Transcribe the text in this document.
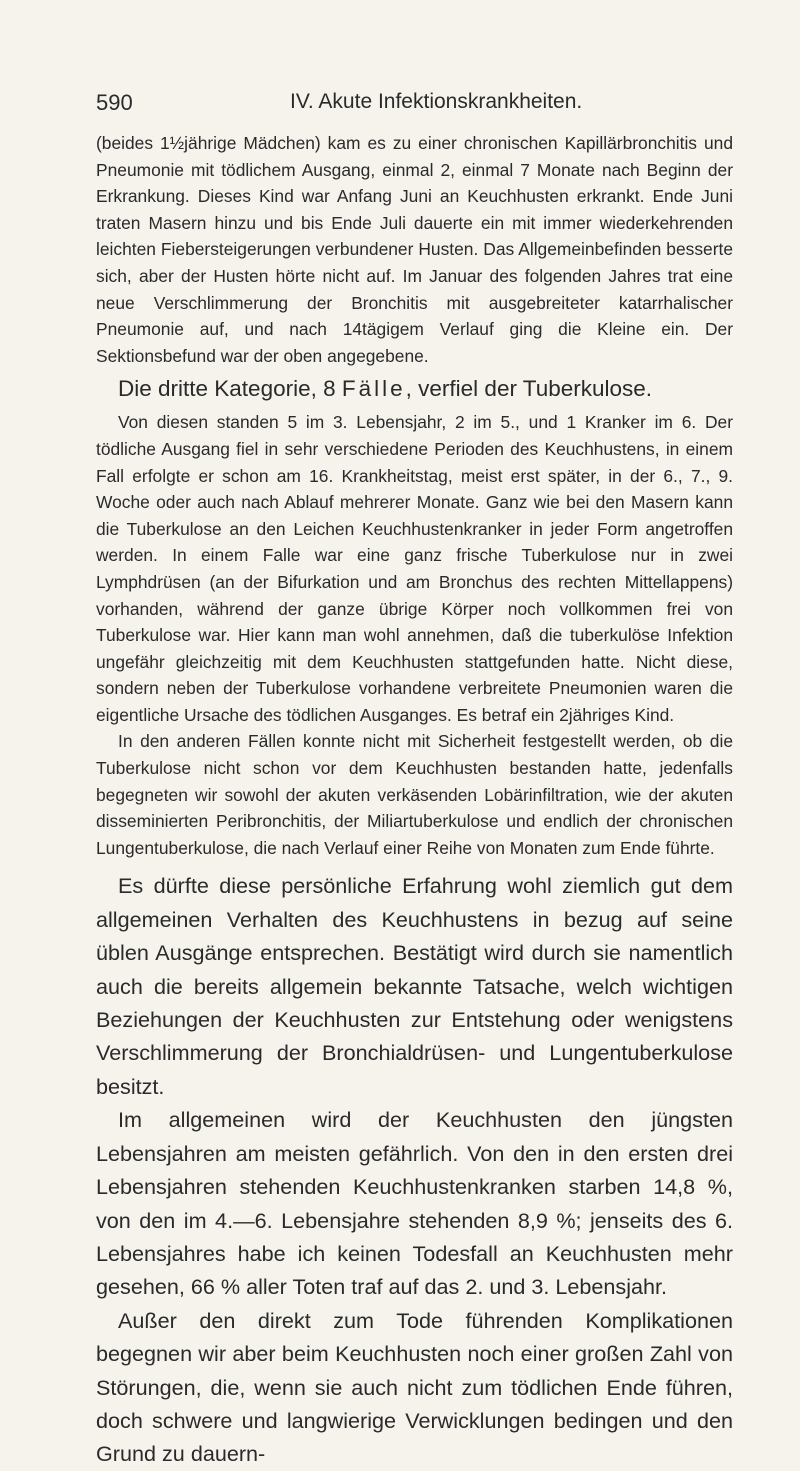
590	IV. Akute Infektionskrankheiten.

(beides 1½jährige Mädchen) kam es zu einer chronischen Kapillärbronchitis und Pneumonie mit tödlichem Ausgang, einmal 2, einmal 7 Monate nach Beginn der Erkrankung. Dieses Kind war Anfang Juni an Keuchhusten erkrankt. Ende Juni traten Masern hinzu und bis Ende Juli dauerte ein mit immer wiederkehrenden leichten Fiebersteigerungen verbundener Husten. Das Allgemeinbefinden besserte sich, aber der Husten hörte nicht auf. Im Januar des folgenden Jahres trat eine neue Verschlimmerung der Bronchitis mit ausgebreiteter katarrhalischer Pneumonie auf, und nach 14tägigem Verlauf ging die Kleine ein. Der Sektionsbefund war der oben angegebene.

Die dritte Kategorie, 8 Fälle, verfiel der Tuberkulose.

Von diesen standen 5 im 3. Lebensjahr, 2 im 5., und 1 Kranker im 6. Der tödliche Ausgang fiel in sehr verschiedene Perioden des Keuchhustens, in einem Fall erfolgte er schon am 16. Krankheitstag, meist erst später, in der 6., 7., 9. Woche oder auch nach Ablauf mehrerer Monate. Ganz wie bei den Masern kann die Tuberkulose an den Leichen Keuchhustenkranker in jeder Form angetroffen werden. In einem Falle war eine ganz frische Tuberkulose nur in zwei Lymphdrüsen (an der Bifurkation und am Bronchus des rechten Mittellappens) vorhanden, während der ganze übrige Körper noch vollkommen frei von Tuberkulose war. Hier kann man wohl annehmen, daß die tuberkulöse Infektion ungefähr gleichzeitig mit dem Keuchhusten stattgefunden hatte. Nicht diese, sondern neben der Tuberkulose vorhandene verbreitete Pneumonien waren die eigentliche Ursache des tödlichen Ausganges. Es betraf ein 2jähriges Kind.

In den anderen Fällen konnte nicht mit Sicherheit festgestellt werden, ob die Tuberkulose nicht schon vor dem Keuchhusten bestanden hatte, jedenfalls begegneten wir sowohl der akuten verkäsenden Lobärinfiltration, wie der akuten disseminierten Peribronchitis, der Miliartuberkulose und endlich der chronischen Lungentuberkulose, die nach Verlauf einer Reihe von Monaten zum Ende führte.

Es dürfte diese persönliche Erfahrung wohl ziemlich gut dem allgemeinen Verhalten des Keuchhustens in bezug auf seine üblen Ausgänge entsprechen. Bestätigt wird durch sie namentlich auch die bereits allgemein bekannte Tatsache, welch wichtigen Beziehungen der Keuchhusten zur Entstehung oder wenigstens Verschlimmerung der Bronchialdrüsen- und Lungentuberkulose besitzt.

Im allgemeinen wird der Keuchhusten den jüngsten Lebensjahren am meisten gefährlich. Von den in den ersten drei Lebensjahren stehenden Keuchhustenkranken starben 14,8 %, von den im 4.—6. Lebensjahre stehenden 8,9 %; jenseits des 6. Lebensjahres habe ich keinen Todesfall an Keuchhusten mehr gesehen, 66 % aller Toten traf auf das 2. und 3. Lebensjahr.

Außer den direkt zum Tode führenden Komplikationen begegnen wir aber beim Keuchhusten noch einer großen Zahl von Störungen, die, wenn sie auch nicht zum tödlichen Ende führen, doch schwere und langwierige Verwicklungen bedingen und den Grund zu dauern-
